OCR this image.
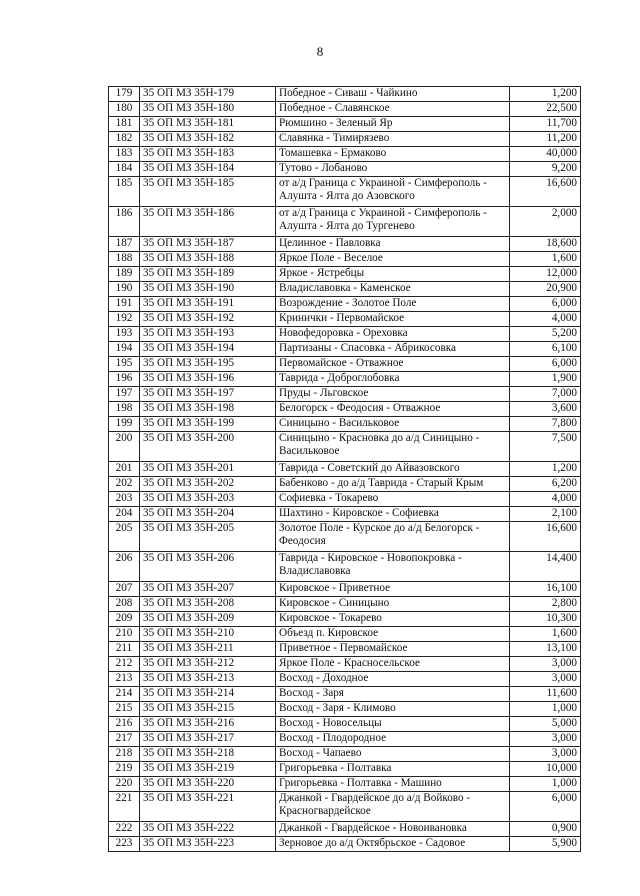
8
179	35 ОП МЗ 35Н-179	Победное - Сиваш - Чайкино	1,200
180	35 ОП МЗ 35Н-180	Победное - Славянское	22,500
181	35 ОП МЗ 35Н-181	Рюмшино - Зеленый Яр	11,700
182	35 ОП МЗ 35Н-182	Славянка - Тимирязево	11,200
183	35 ОП МЗ 35Н-183	Томашевка - Ермаково	40,000
184	35 ОП МЗ 35Н-184	Тутово - Лобаново	9,200
185	35 ОП МЗ 35Н-185	от а/д Граница с Украиной - Симферополь - Алушта - Ялта до Азовского	16,600
186	35 ОП МЗ 35Н-186	от а/д Граница с Украиной - Симферополь - Алушта - Ялта до Тургенево	2,000
187	35 ОП МЗ 35Н-187	Целинное - Павловка	18,600
188	35 ОП МЗ 35Н-188	Яркое Поле - Веселое	1,600
189	35 ОП МЗ 35Н-189	Яркое - Ястребцы	12,000
190	35 ОП МЗ 35Н-190	Владиславовка - Каменское	20,900
191	35 ОП МЗ 35Н-191	Возрождение - Золотое Поле	6,000
192	35 ОП МЗ 35Н-192	Кринички - Первомайское	4,000
193	35 ОП МЗ 35Н-193	Новофедоровка - Ореховка	5,200
194	35 ОП МЗ 35Н-194	Партизаны - Спасовка - Абрикосовка	6,100
195	35 ОП МЗ 35Н-195	Первомайское - Отважное	6,000
196	35 ОП МЗ 35Н-196	Таврида - Доброглобовка	1,900
197	35 ОП МЗ 35Н-197	Пруды - Льговское	7,000
198	35 ОП МЗ 35Н-198	Белогорск - Феодосия - Отважное	3,600
199	35 ОП МЗ 35Н-199	Синицыно - Васильковое	7,800
200	35 ОП МЗ 35Н-200	Синицыно - Красновка до а/д Синицыно - Васильковое	7,500
201	35 ОП МЗ 35Н-201	Таврида - Советский до Айвазовского	1,200
202	35 ОП МЗ 35Н-202	Бабенково - до а/д Таврида - Старый Крым	6,200
203	35 ОП МЗ 35Н-203	Софиевка - Токарево	4,000
204	35 ОП МЗ 35Н-204	Шахтино - Кировское - Софиевка	2,100
205	35 ОП МЗ 35Н-205	Золотое Поле - Курское до а/д Белогорск - Феодосия	16,600
206	35 ОП МЗ 35Н-206	Таврида - Кировское - Новопокровка - Владиславовка	14,400
207	35 ОП МЗ 35Н-207	Кировское - Приветное	16,100
208	35 ОП МЗ 35Н-208	Кировское - Синицыно	2,800
209	35 ОП МЗ 35Н-209	Кировское - Токарево	10,300
210	35 ОП МЗ 35Н-210	Объезд п. Кировское	1,600
211	35 ОП МЗ 35Н-211	Приветное - Первомайское	13,100
212	35 ОП МЗ 35Н-212	Яркое Поле - Красносельское	3,000
213	35 ОП МЗ 35Н-213	Восход - Доходное	3,000
214	35 ОП МЗ 35Н-214	Восход - Заря	11,600
215	35 ОП МЗ 35Н-215	Восход - Заря - Климово	1,000
216	35 ОП МЗ 35Н-216	Восход - Новосельцы	5,000
217	35 ОП МЗ 35Н-217	Восход - Плодородное	3,000
218	35 ОП МЗ 35Н-218	Восход - Чапаево	3,000
219	35 ОП МЗ 35Н-219	Григорьевка - Полтавка	10,000
220	35 ОП МЗ 35Н-220	Григорьевка - Полтавка - Машино	1,000
221	35 ОП МЗ 35Н-221	Джанкой - Гвардейское до а/д Войково - Красногвардейское	6,000
222	35 ОП МЗ 35Н-222	Джанкой - Гвардейское - Новоивановка	0,900
223	35 ОП МЗ 35Н-223	Зерновое до а/д Октябрьское - Садовое	5,900
